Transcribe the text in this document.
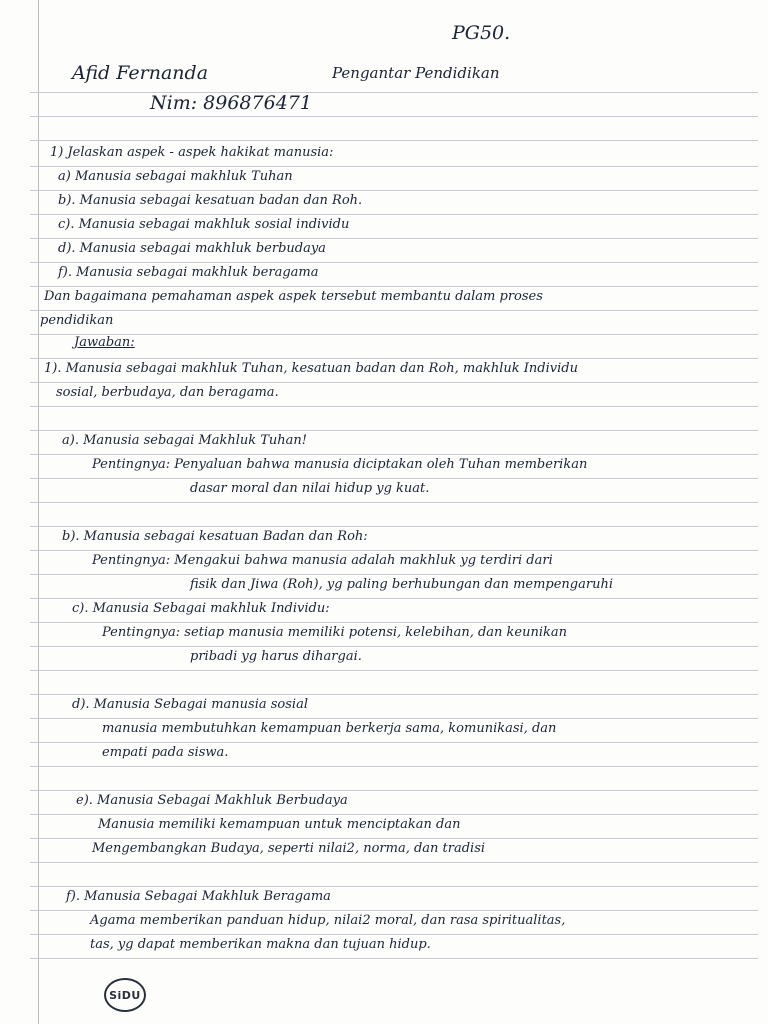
PG50.
Afid Fernanda	Pengantar Pendidikan
Nim: 896876471
1) Jelaskan aspek - aspek hakikat manusia:
a) Manusia sebagai makhluk Tuhan
b). Manusia sebagai kesatuan badan dan Roh.
c). Manusia sebagai makhluk sosial individu
d). Manusia sebagai makhluk berbudaya
f). Manusia sebagai makhluk beragama
Dan bagaimana pemahaman aspek aspek tersebut membantu dalam proses
pendidikan
Jawaban:
1). Manusia sebagai makhluk Tuhan, kesatuan badan dan Roh, makhluk Individu
sosial, berbudaya, dan beragama.
a). Manusia sebagai Makhluk Tuhan!
Pentingnya: Penyaluan bahwa manusia diciptakan oleh Tuhan memberikan
dasar moral dan nilai hidup yg kuat.
b). Manusia sebagai kesatuan Badan dan Roh:
Pentingnya: Mengakui bahwa manusia adalah makhluk yg terdiri dari
fisik dan Jiwa (Roh), yg paling berhubungan dan mempengaruhi
c). Manusia Sebagai makhluk Individu:
Pentingnya: setiap manusia memiliki potensi, kelebihan, dan keunikan
pribadi yg harus dihargai.
d). Manusia Sebagai manusia sosial
manusia membutuhkan kemampuan berkerja sama, komunikasi, dan
empati pada siswa.
e). Manusia Sebagai Makhluk Berbudaya
Manusia memiliki kemampuan untuk menciptakan dan
Mengembangkan Budaya, seperti nilai2, norma, dan tradisi
f). Manusia Sebagai Makhluk Beragama
Agama memberikan panduan hidup, nilai2 moral, dan rasa spiritualitas,
tas, yg dapat memberikan makna dan tujuan hidup.
SiDU
